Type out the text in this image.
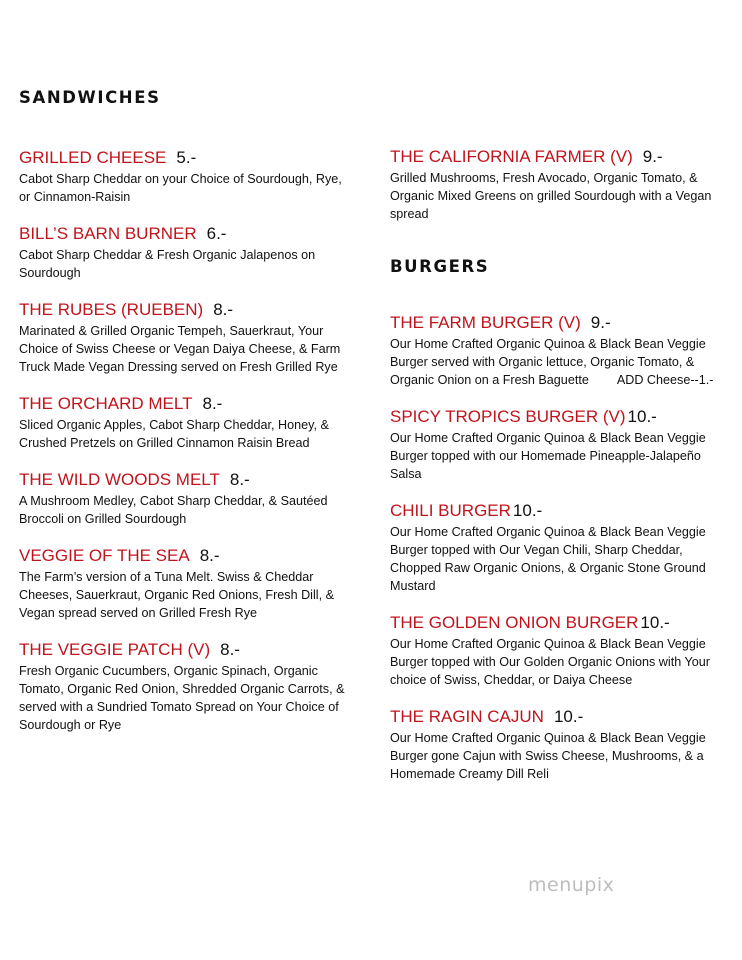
SANDWICHES
GRILLED CHEESE 5.-
Cabot Sharp Cheddar on your Choice of Sourdough, Rye, or Cinnamon-Raisin
BILL’S BARN BURNER 6.-
Cabot Sharp Cheddar & Fresh Organic Jalapenos on Sourdough
THE RUBES (RUEBEN) 8.-
Marinated & Grilled Organic Tempeh, Sauerkraut, Your Choice of Swiss Cheese or Vegan Daiya Cheese, & Farm Truck Made Vegan Dressing served on Fresh Grilled Rye
THE ORCHARD MELT 8.-
Sliced Organic Apples, Cabot Sharp Cheddar, Honey, & Crushed Pretzels on Grilled Cinnamon Raisin Bread
THE WILD WOODS MELT 8.-
A Mushroom Medley, Cabot Sharp Cheddar, & Sautéed Broccoli on Grilled Sourdough
VEGGIE OF THE SEA 8.-
The Farm’s version of a Tuna Melt. Swiss & Cheddar Cheeses, Sauerkraut, Organic Red Onions, Fresh Dill, & Vegan spread served on Grilled Fresh Rye
THE VEGGIE PATCH (V) 8.-
Fresh Organic Cucumbers, Organic Spinach, Organic Tomato, Organic Red Onion, Shredded Organic Carrots, & served with a Sundried Tomato Spread on Your Choice of Sourdough or Rye
THE CALIFORNIA FARMER (V) 9.-
Grilled Mushrooms, Fresh Avocado, Organic Tomato, & Organic Mixed Greens on grilled Sourdough with a Vegan spread
BURGERS
THE FARM BURGER (V) 9.-
Our Home Crafted Organic Quinoa & Black Bean Veggie Burger served with Organic lettuce, Organic Tomato, & Organic Onion on a Fresh Baguette ADD Cheese--1.-
SPICY TROPICS BURGER (V) 10.-
Our Home Crafted Organic Quinoa & Black Bean Veggie Burger topped with our Homemade Pineapple-Jalapeño Salsa
CHILI BURGER 10.-
Our Home Crafted Organic Quinoa & Black Bean Veggie Burger topped with Our Vegan Chili, Sharp Cheddar, Chopped Raw Organic Onions, & Organic Stone Ground Mustard
THE GOLDEN ONION BURGER 10.-
Our Home Crafted Organic Quinoa & Black Bean Veggie Burger topped with Our Golden Organic Onions with Your choice of Swiss, Cheddar, or Daiya Cheese
THE RAGIN CAJUN 10.-
Our Home Crafted Organic Quinoa & Black Bean Veggie Burger gone Cajun with Swiss Cheese, Mushrooms, & a Homemade Creamy Dill Reli
menupix
